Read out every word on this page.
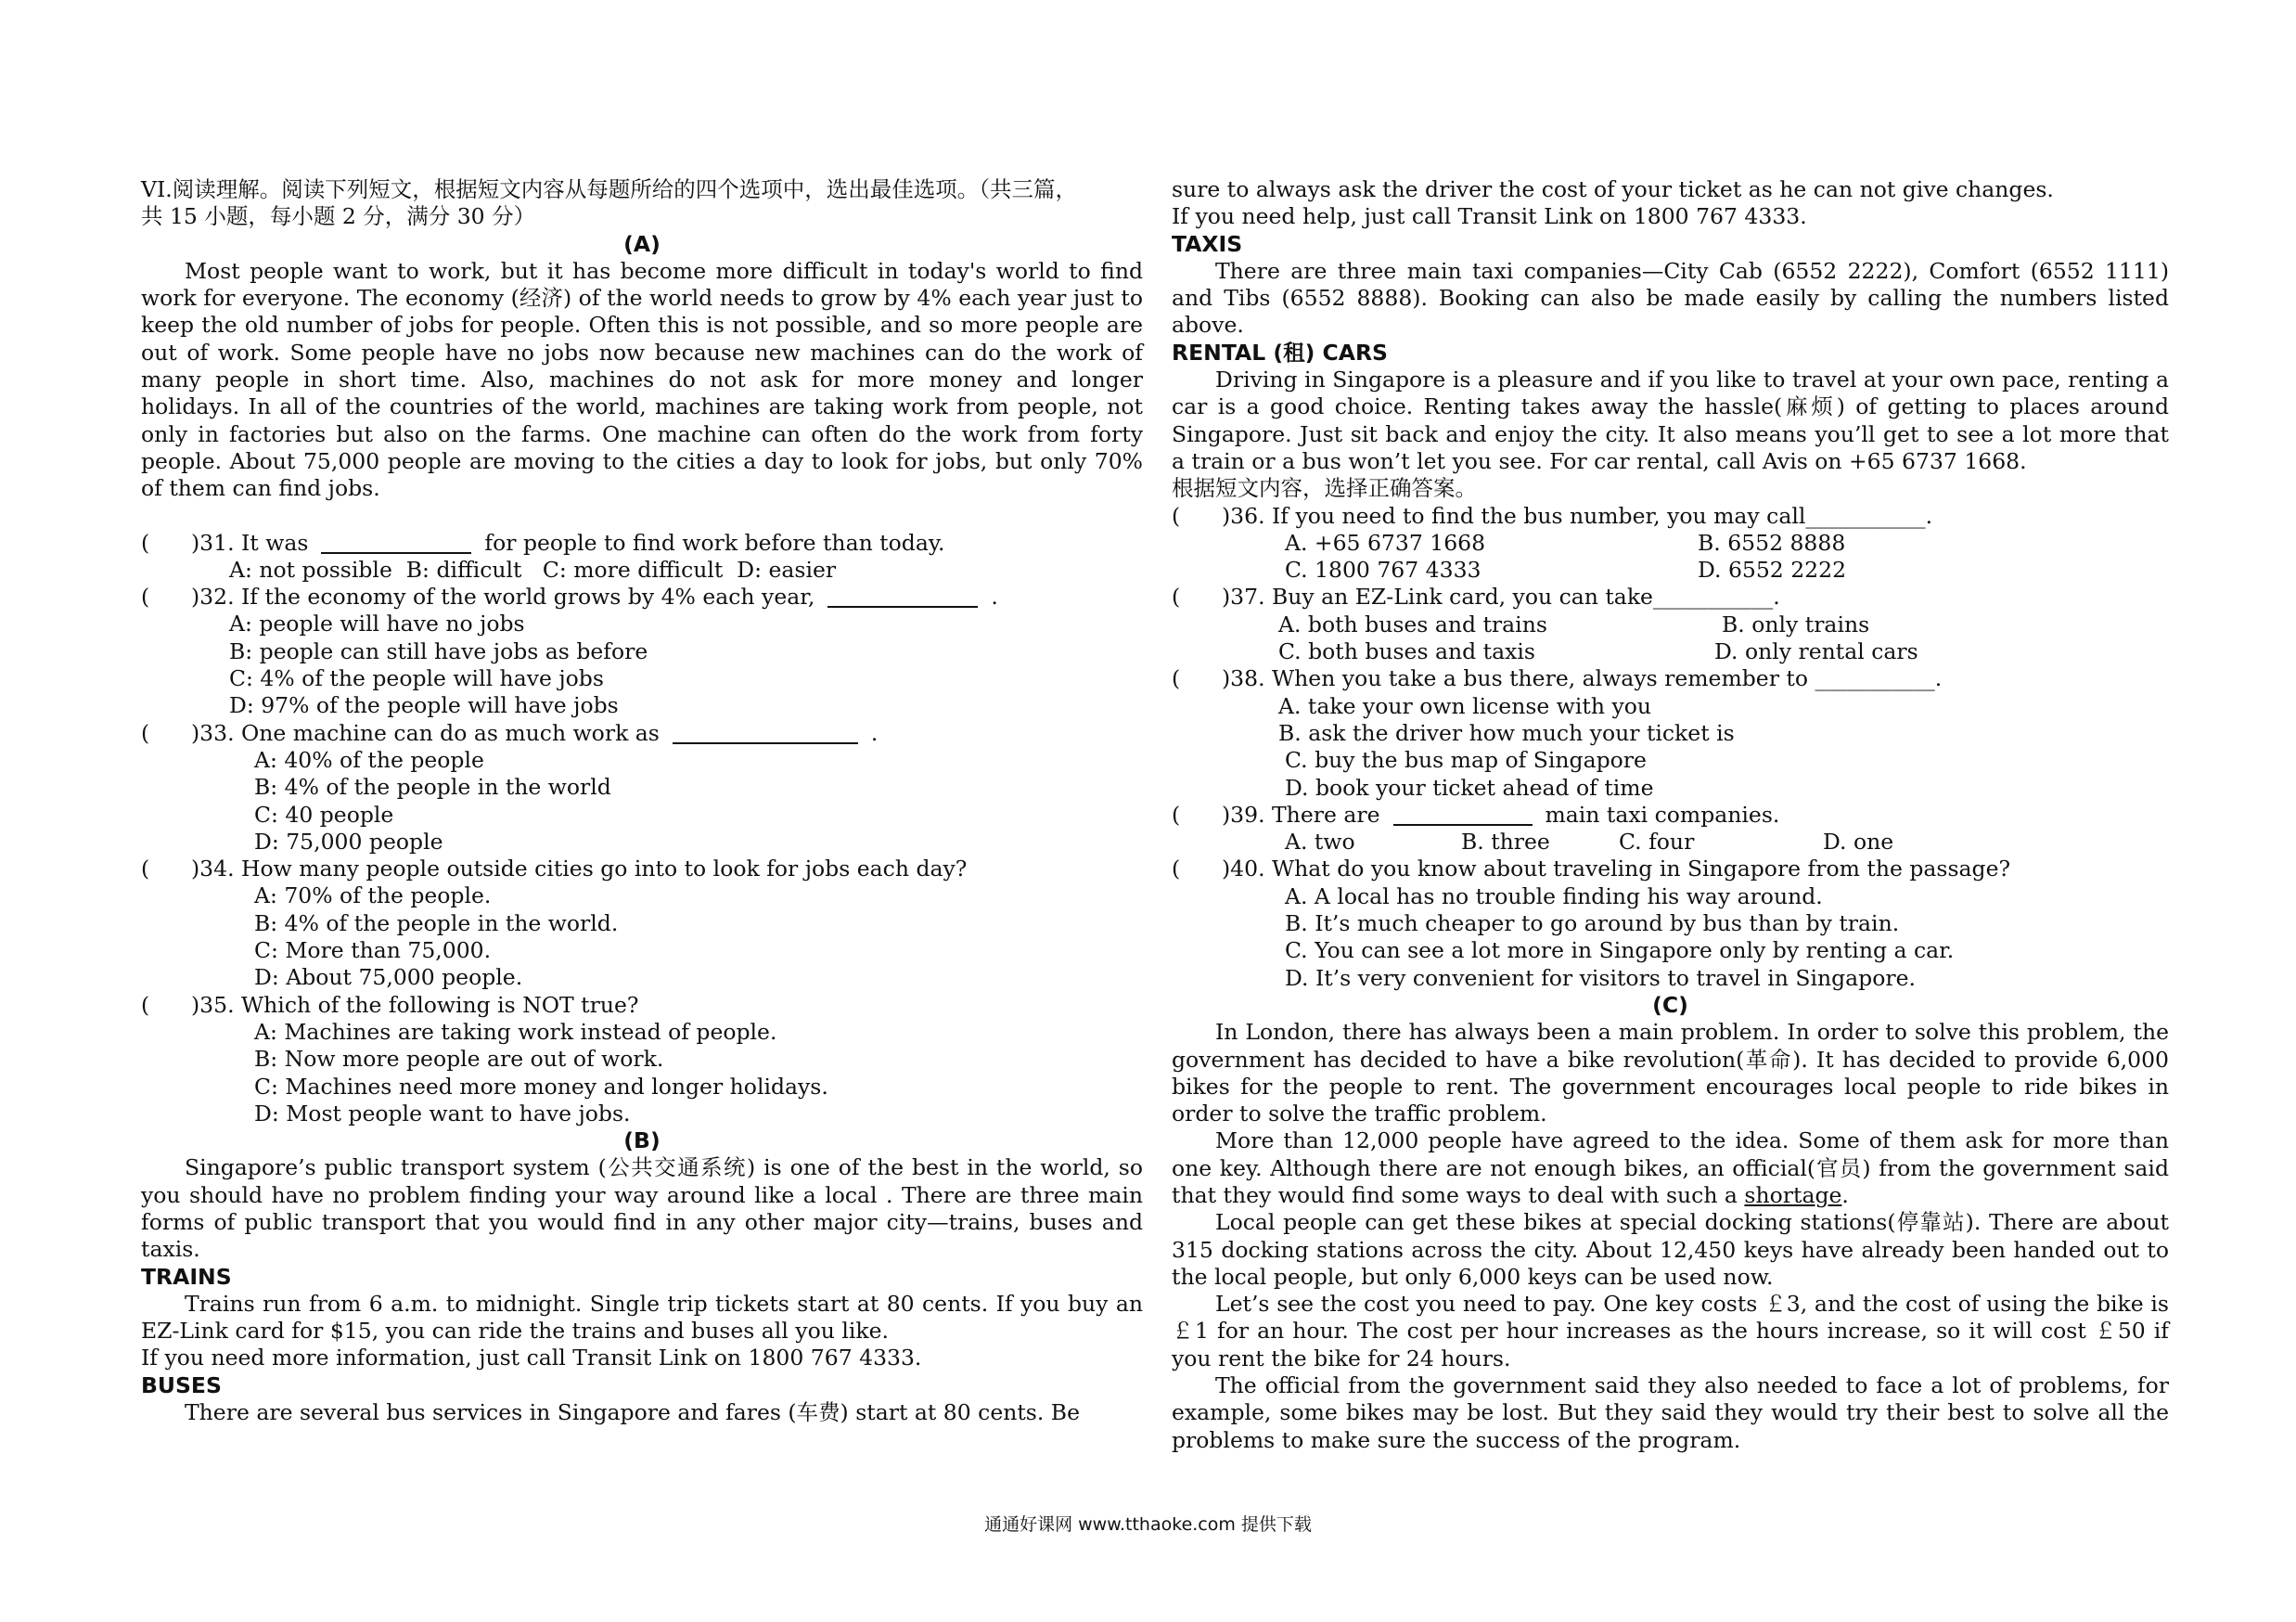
VI.阅读理解。阅读下列短文，根据短文内容从每题所给的四个选项中，选出最佳选项。（共三篇，

共 15 小题，每小题 2 分，满分 30 分）

(A)

Most people want to work, but it has become more difficult in today's world to find work for everyone. The economy (经济) of the world needs to grow by 4% each year just to keep the old number of jobs for people. Often this is not possible, and so more people are out of work. Some people have no jobs now because new machines can do the work of many people in short time. Also, machines do not ask for more money and longer holidays. In all of the countries of the world, machines are taking work from people, not only in factories but also on the farms. One machine can often do the work from forty people. About 75,000 people are moving to the cities a day to look for jobs, but only 70% of them can find jobs.

(	)31. It was	for people to find work before than today.
A: not possible  B: difficult   C: more difficult  D: easier
(	)32. If the economy of the world grows by 4% each year,	.
A: people will have no jobs
B: people can still have jobs as before
C: 4% of the people will have jobs
D: 97% of the people will have jobs
(	)33. One machine can do as much work as	.
A: 40% of the people
B: 4% of the people in the world
C: 40 people
D: 75,000 people
(	)34. How many people outside cities go into to look for jobs each day?
A: 70% of the people.
B: 4% of the people in the world.
C: More than 75,000.
D: About 75,000 people.
(	)35. Which of the following is NOT true?
A: Machines are taking work instead of people.
B: Now more people are out of work.
C: Machines need more money and longer holidays.
D: Most people want to have jobs.

(B)

Singapore’s public transport system (公共交通系统) is one of the best in the world, so you should have no problem finding your way around like a local . There are three main forms of public transport that you would find in any other major city—trains, buses and taxis.

TRAINS

Trains run from 6 a.m. to midnight. Single trip tickets start at 80 cents. If you buy an EZ-Link card for $15, you can ride the trains and buses all you like.

If you need more information, just call Transit Link on 1800 767 4333.

BUSES

There are several bus services in Singapore and fares (车费) start at 80 cents. Be

sure to always ask the driver the cost of your ticket as he can not give changes.

If you need help, just call Transit Link on 1800 767 4333.

TAXIS

There are three main taxi companies—City Cab (6552 2222), Comfort (6552 1111) and Tibs (6552 8888). Booking can also be made easily by calling the numbers listed above.

RENTAL (租) CARS

Driving in Singapore is a pleasure and if you like to travel at your own pace, renting a car is a good choice. Renting takes away the hassle(麻烦) of getting to places around Singapore. Just sit back and enjoy the city. It also means you’ll get to see a lot more that a train or a bus won’t let you see. For car rental, call Avis on +65 6737 1668.

根据短文内容，选择正确答案。

(	)36. If you need to find the bus number, you may call___________.
A. +65 6737 1668	B. 6552 8888
C. 1800 767 4333	D. 6552 2222
(	)37. Buy an EZ-Link card, you can take___________.
A. both buses and trains	B. only trains
C. both buses and taxis	D. only rental cars
(	)38. When you take a bus there, always remember to ___________.
A. take your own license with you
B. ask the driver how much your ticket is
C. buy the bus map of Singapore
D. book your ticket ahead of time
(	)39. There are	main taxi companies.
A. two	B. three	C. four	D. one
(	)40. What do you know about traveling in Singapore from the passage?
A. A local has no trouble finding his way around.
B. It’s much cheaper to go around by bus than by train.
C. You can see a lot more in Singapore only by renting a car.
D. It’s very convenient for visitors to travel in Singapore.

(C)

In London, there has always been a main problem. In order to solve this problem, the government has decided to have a bike revolution(革命). It has decided to provide 6,000 bikes for the people to rent. The government encourages local people to ride bikes in order to solve the traffic problem.

More than 12,000 people have agreed to the idea. Some of them ask for more than one key. Although there are not enough bikes, an official(官员) from the government said that they would find some ways to deal with such a shortage.

Local people can get these bikes at special docking stations(停靠站). There are about 315 docking stations across the city. About 12,450 keys have already been handed out to the local people, but only 6,000 keys can be used now.

Let’s see the cost you need to pay. One key costs ￡3, and the cost of using the bike is ￡1 for an hour. The cost per hour increases as the hours increase, so it will cost ￡50 if you rent the bike for 24 hours.

The official from the government said they also needed to face a lot of problems, for example, some bikes may be lost. But they said they would try their best to solve all the problems to make sure the success of the program.

通通好课网 www.tthaoke.com 提供下载
